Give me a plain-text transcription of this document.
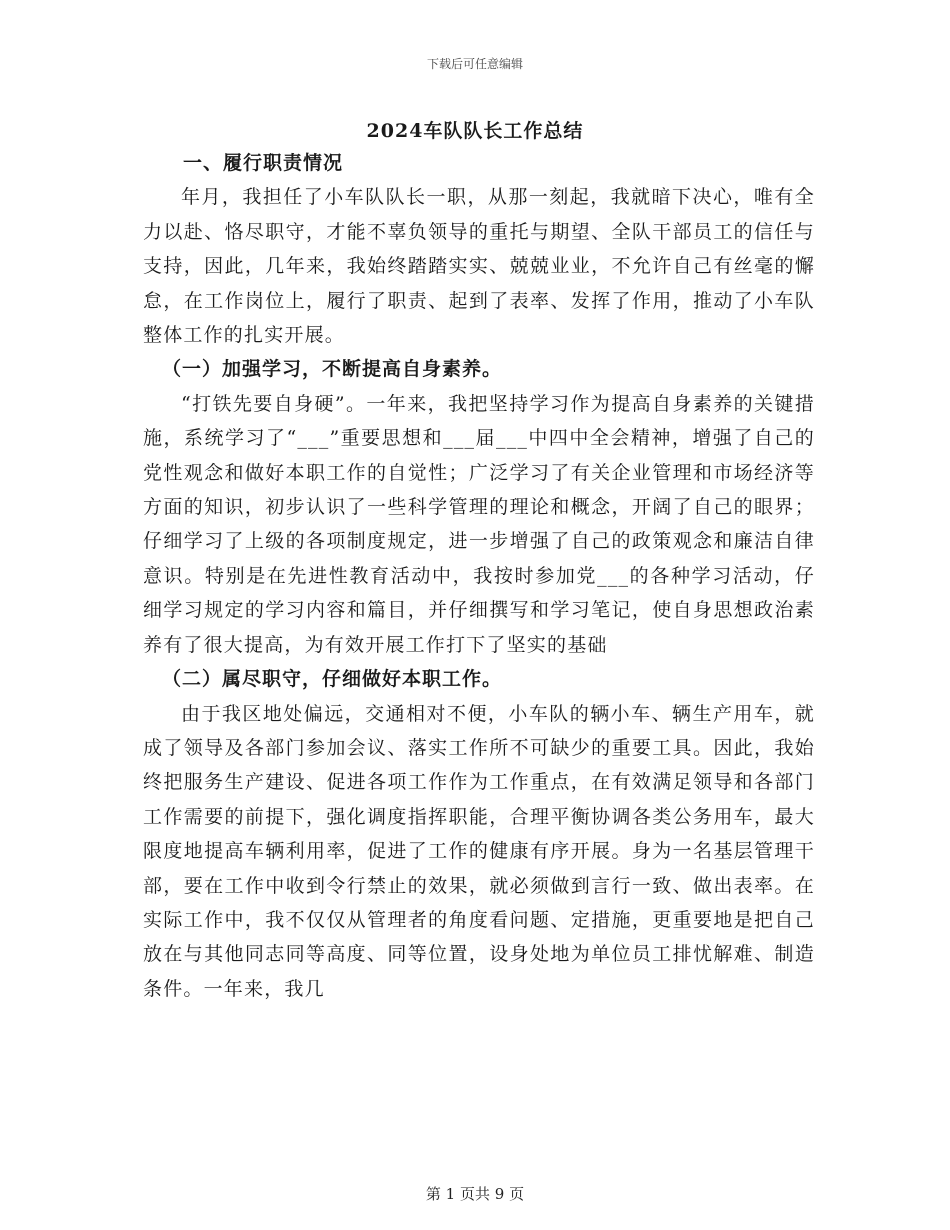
下载后可任意编辑
2024车队队长工作总结

一、履行职责情况

年月，我担任了小车队队长一职，从那一刻起，我就暗下决心，唯有全力以赴、恪尽职守，才能不辜负领导的重托与期望、全队干部员工的信任与支持，因此，几年来，我始终踏踏实实、兢兢业业，不允许自己有丝毫的懈怠，在工作岗位上，履行了职责、起到了表率、发挥了作用，推动了小车队整体工作的扎实开展。

（一）加强学习，不断提高自身素养。

“打铁先要自身硬”。一年来，我把坚持学习作为提高自身素养的关键措施，系统学习了“___”重要思想和___届___中四中全会精神，增强了自己的党性观念和做好本职工作的自觉性；广泛学习了有关企业管理和市场经济等方面的知识，初步认识了一些科学管理的理论和概念，开阔了自己的眼界；仔细学习了上级的各项制度规定，进一步增强了自己的政策观念和廉洁自律意识。特别是在先进性教育活动中，我按时参加党___的各种学习活动，仔细学习规定的学习内容和篇目，并仔细撰写和学习笔记，使自身思想政治素养有了很大提高，为有效开展工作打下了坚实的基础

（二）属尽职守，仔细做好本职工作。

由于我区地处偏远，交通相对不便，小车队的辆小车、辆生产用车，就成了领导及各部门参加会议、落实工作所不可缺少的重要工具。因此，我始终把服务生产建设、促进各项工作作为工作重点，在有效满足领导和各部门工作需要的前提下，强化调度指挥职能，合理平衡协调各类公务用车，最大限度地提高车辆利用率，促进了工作的健康有序开展。身为一名基层管理干部，要在工作中收到令行禁止的效果，就必须做到言行一致、做出表率。在实际工作中，我不仅仅从管理者的角度看问题、定措施，更重要地是把自己放在与其他同志同等高度、同等位置，设身处地为单位员工排忧解难、制造条件。一年来，我几

第 1 页共 9 页
